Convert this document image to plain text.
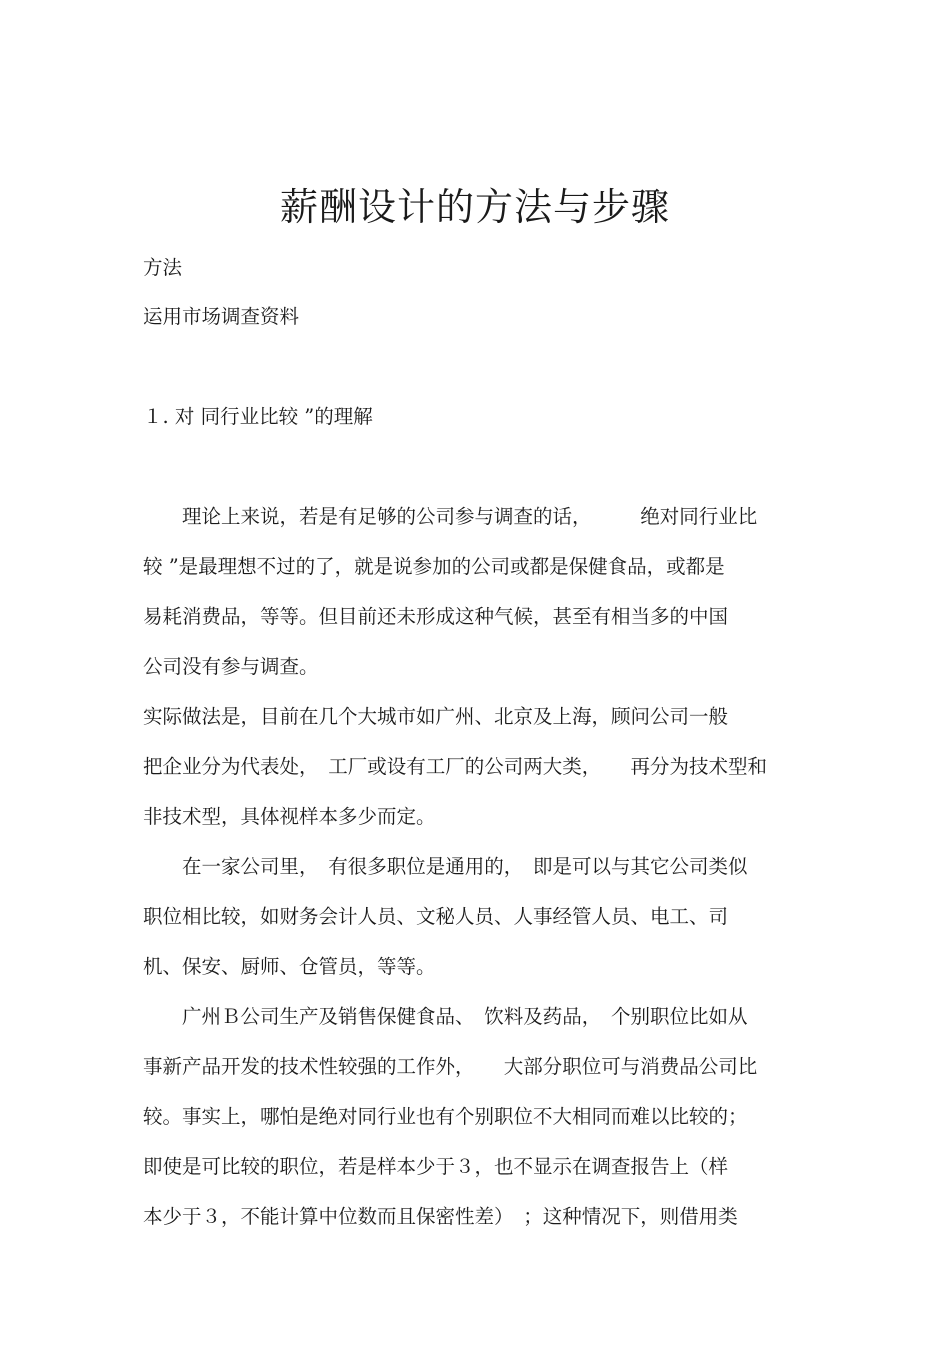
薪酬设计的方法与步骤

方法

运用市场调查资料

１. 对 同行业比较 ”的理解

　　理论上来说，若是有足够的公司参与调查的话，　　　绝对同行业比

较 ”是最理想不过的了，就是说参加的公司或都是保健食品，或都是

易耗消费品，等等。但目前还未形成这种气候，甚至有相当多的中国

公司没有参与调查。

实际做法是，目前在几个大城市如广州、北京及上海，顾问公司一般

把企业分为代表处，　工厂或设有工厂的公司两大类，　　再分为技术型和

非技术型，具体视样本多少而定。

　　在一家公司里，　有很多职位是通用的，　即是可以与其它公司类似

职位相比较，如财务会计人员、文秘人员、人事经管人员、电工、司

机、保安、厨师、仓管员，等等。

　　广州Ｂ公司生产及销售保健食品、　饮料及药品，　个别职位比如从

事新产品开发的技术性较强的工作外，　　大部分职位可与消费品公司比

较。事实上，哪怕是绝对同行业也有个别职位不大相同而难以比较的；

即使是可比较的职位，若是样本少于３，也不显示在调查报告上（样

本少于３，不能计算中位数而且保密性差）　；这种情况下，则借用类
